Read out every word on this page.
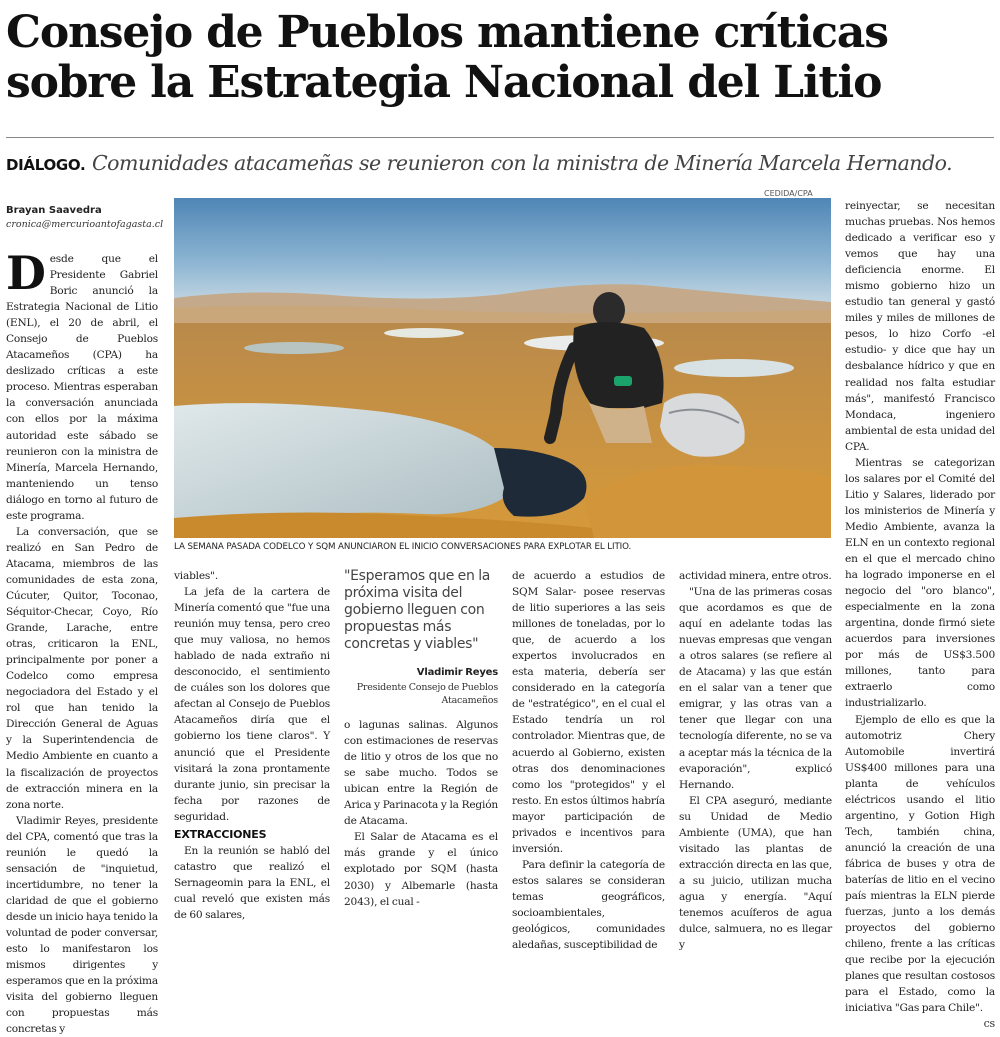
Consejo de Pueblos mantiene críticas
sobre la Estrategia Nacional del Litio
DIÁLOGO. Comunidades atacameñas se reunieron con la ministra de Minería Marcela Hernando.
CEDIDA/CPA
Brayan Saavedra
cronica@mercurioantofagasta.cl
LA SEMANA PASADA CODELCO Y SQM ANUNCIARON EL INICIO CONVERSACIONES PARA EXPLOTAR EL LITIO.

Desde que el Presidente Gabriel Boric anunció la Estrategia Nacional de Litio (ENL), el 20 de abril, el Consejo de Pueblos Atacameños (CPA) ha deslizado críticas a este proceso. Mientras esperaban la conversación anunciada con ellos por la máxima autoridad este sábado se reunieron con la ministra de Minería, Marcela Hernando, manteniendo un tenso diálogo en torno al futuro de este programa.

La conversación, que se realizó en San Pedro de Atacama, miembros de las comunidades de esta zona, Cúcuter, Quitor, Toconao, Séquitor-Checar, Coyo, Río Grande, Larache, entre otras, criticaron la ENL, principalmente por poner a Codelco como empresa negociadora del Estado y el rol que han tenido la Dirección General de Aguas y la Superintendencia de Medio Ambiente en cuanto a la fiscalización de proyectos de extracción minera en la zona norte.

Vladimir Reyes, presidente del CPA, comentó que tras la reunión le quedó la sensación de "inquietud, incertidumbre, no tener la claridad de que el gobierno desde un inicio haya tenido la voluntad de poder conversar, esto lo manifestaron los mismos dirigentes y esperamos que en la próxima visita del gobierno lleguen con propuestas más concretas y

viables".

La jefa de la cartera de Minería comentó que "fue una reunión muy tensa, pero creo que muy valiosa, no hemos hablado de nada extraño ni desconocido, el sentimiento de cuáles son los dolores que afectan al Consejo de Pueblos Atacameños diría que el gobierno los tiene claros". Y anunció que el Presidente visitará la zona prontamente durante junio, sin precisar la fecha por razones de seguridad.

EXTRACCIONES

En la reunión se habló del catastro que realizó el Sernageomin para la ENL, el cual reveló que existen más de 60 salares,

"Esperamos que en la próxima visita del gobierno lleguen con propuestas más concretas y viables"
Vladimir Reyes
Presidente Consejo de Pueblos Atacameños

o lagunas salinas. Algunos con estimaciones de reservas de litio y otros de los que no se sabe mucho. Todos se ubican entre la Región de Arica y Parinacota y la Región de Atacama.

El Salar de Atacama es el más grande y el único explotado por SQM (hasta 2030) y Albemarle (hasta 2043), el cual -

de acuerdo a estudios de SQM Salar- posee reservas de litio superiores a las seis millones de toneladas, por lo que, de acuerdo a los expertos involucrados en esta materia, debería ser considerado en la categoría de "estratégico", en el cual el Estado tendría un rol controlador. Mientras que, de acuerdo al Gobierno, existen otras dos denominaciones como los "protegidos" y el resto. En estos últimos habría mayor participación de privados e incentivos para inversión.

Para definir la categoría de estos salares se consideran temas geográficos, socioambientales, geológicos, comunidades aledañas, susceptibilidad de

actividad minera, entre otros.

"Una de las primeras cosas que acordamos es que de aquí en adelante todas las nuevas empresas que vengan a otros salares (se refiere al de Atacama) y las que están en el salar van a tener que emigrar, y las otras van a tener que llegar con una tecnología diferente, no se va a aceptar más la técnica de la evaporación", explicó Hernando.

El CPA aseguró, mediante su Unidad de Medio Ambiente (UMA), que han visitado las plantas de extracción directa en las que, a su juicio, utilizan mucha agua y energía. "Aquí tenemos acuíferos de agua dulce, salmuera, no es llegar y

reinyectar, se necesitan muchas pruebas. Nos hemos dedicado a verificar eso y vemos que hay una deficiencia enorme. El mismo gobierno hizo un estudio tan general y gastó miles y miles de millones de pesos, lo hizo Corfo -el estudio- y dice que hay un desbalance hídrico y que en realidad nos falta estudiar más", manifestó Francisco Mondaca, ingeniero ambiental de esta unidad del CPA.

Mientras se categorizan los salares por el Comité del Litio y Salares, liderado por los ministerios de Minería y Medio Ambiente, avanza la ELN en un contexto regional en el que el mercado chino ha logrado imponerse en el negocio del "oro blanco", especialmente en la zona argentina, donde firmó siete acuerdos para inversiones por más de US$3.500 millones, tanto para extraerlo como industrializarlo.

Ejemplo de ello es que la automotriz Chery Automobile invertirá US$400 millones para una planta de vehículos eléctricos usando el litio argentino, y Gotion High Tech, también china, anunció la creación de una fábrica de buses y otra de baterías de litio en el vecino país mientras la ELN pierde fuerzas, junto a los demás proyectos del gobierno chileno, frente a las críticas que recibe por la ejecución planes que resultan costosos para el Estado, como la iniciativa "Gas para Chile".
cs
